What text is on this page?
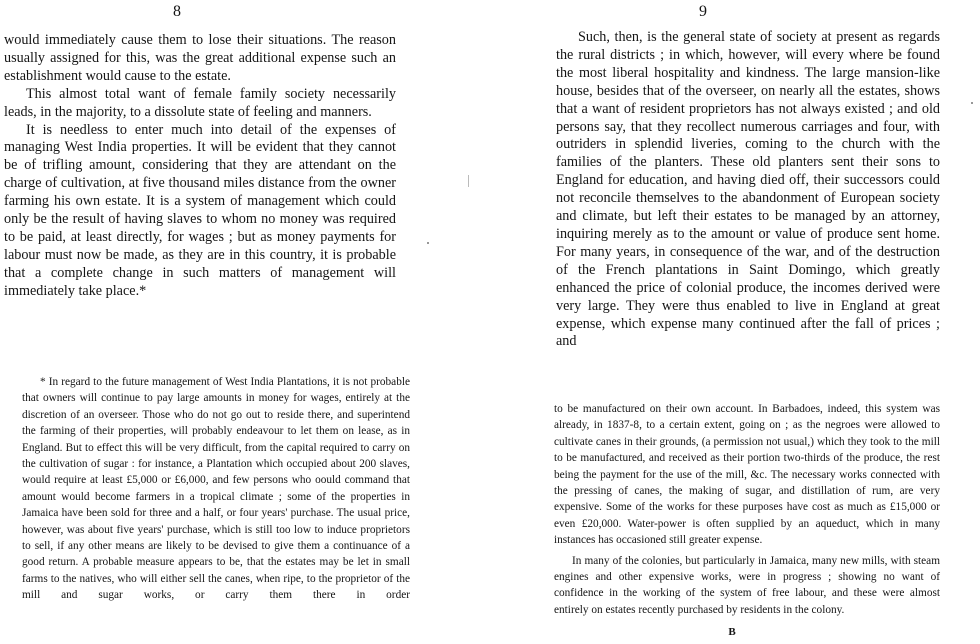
8

would immediately cause them to lose their situations. The reason usually assigned for this, was the great additional expense such an establishment would cause to the estate.

This almost total want of female family society necessarily leads, in the majority, to a dissolute state of feeling and manners.

It is needless to enter much into detail of the expenses of managing West India properties. It will be evident that they cannot be of trifling amount, considering that they are attendant on the charge of cultivation, at five thousand miles distance from the owner farming his own estate. It is a system of management which could only be the result of having slaves to whom no money was required to be paid, at least directly, for wages ; but as money payments for labour must now be made, as they are in this country, it is probable that a complete change in such matters of management will immediately take place.*

* In regard to the future management of West India Plantations, it is not probable that owners will continue to pay large amounts in money for wages, entirely at the discretion of an overseer. Those who do not go out to reside there, and superintend the farming of their properties, will probably endeavour to let them on lease, as in England. But to effect this will be very difficult, from the capital required to carry on the cultivation of sugar : for instance, a Plantation which occupied about 200 slaves, would require at least £5,000 or £6,000, and few persons who oould command that amount would become farmers in a tropical climate ; some of the properties in Jamaica have been sold for three and a half, or four years' purchase. The usual price, however, was about five years' purchase, which is still too low to induce proprietors to sell, if any other means are likely to be devised to give them a continuance of a good return. A probable measure appears to be, that the estates may be let in small farms to the natives, who will either sell the canes, when ripe, to the proprietor of the mill and sugar works, or carry them there in order

9

Such, then, is the general state of society at present as regards the rural districts ; in which, however, will every where be found the most liberal hospitality and kindness. The large mansion-like house, besides that of the overseer, on nearly all the estates, shows that a want of resident proprietors has not always existed ; and old persons say, that they recollect numerous carriages and four, with outriders in splendid liveries, coming to the church with the families of the planters. These old planters sent their sons to England for education, and having died off, their successors could not reconcile themselves to the abandonment of European society and climate, but left their estates to be managed by an attorney, inquiring merely as to the amount or value of produce sent home. For many years, in consequence of the war, and of the destruction of the French plantations in Saint Domingo, which greatly enhanced the price of colonial produce, the incomes derived were very large. They were thus enabled to live in England at great expense, which expense many continued after the fall of prices ; and

to be manufactured on their own account. In Barbadoes, indeed, this system was already, in 1837-8, to a certain extent, going on ; as the negroes were allowed to cultivate canes in their grounds, (a permission not usual,) which they took to the mill to be manufactured, and received as their portion two-thirds of the produce, the rest being the payment for the use of the mill, &c. The necessary works connected with the pressing of canes, the making of sugar, and distillation of rum, are very expensive. Some of the works for these purposes have cost as much as £15,000 or even £20,000. Water-power is often supplied by an aqueduct, which in many instances has occasioned still greater expense.

In many of the colonies, but particularly in Jamaica, many new mills, with steam engines and other expensive works, were in progress ; showing no want of confidence in the working of the system of free labour, and these were almost entirely on estates recently purchased by residents in the colony.

B
